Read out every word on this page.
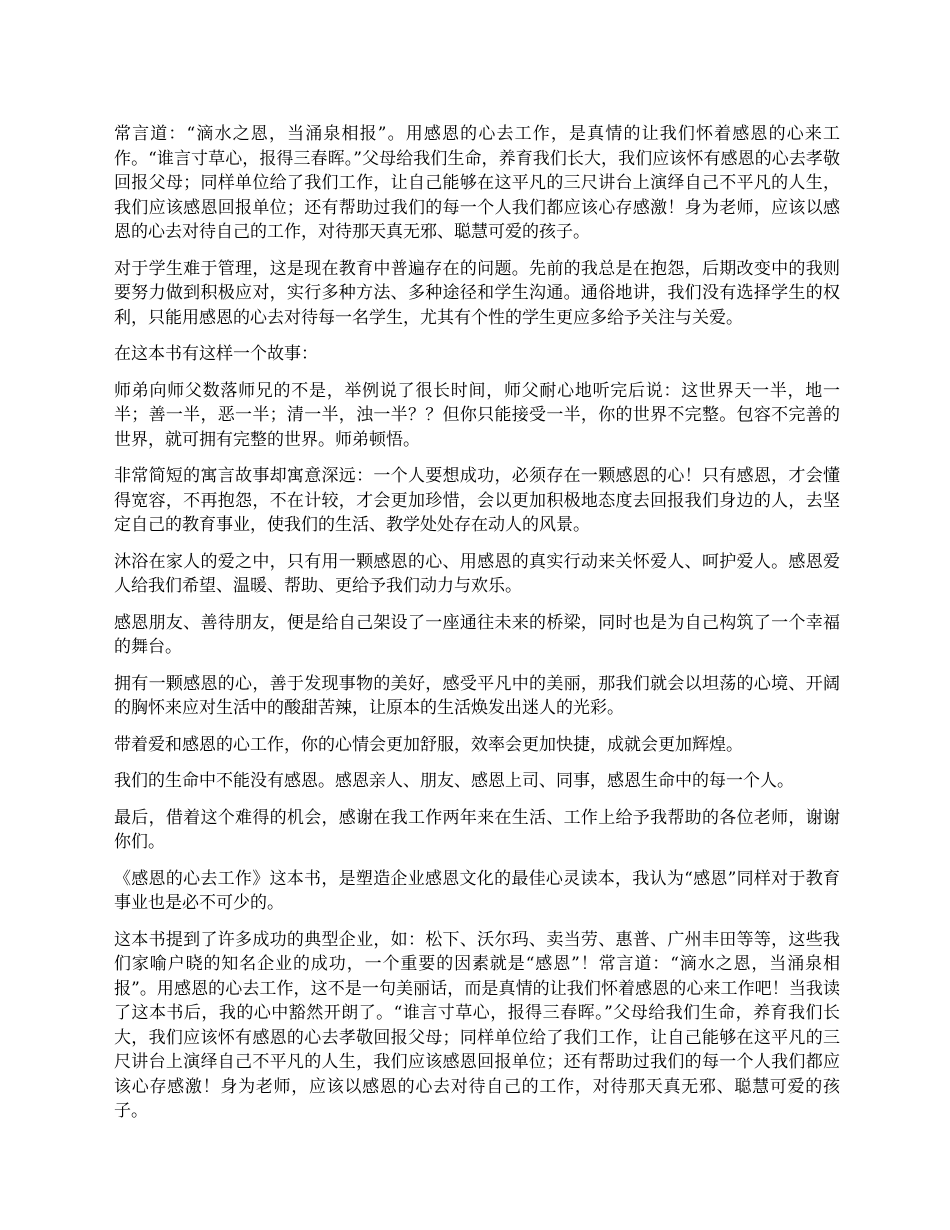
常言道：“滴水之恩，当涌泉相报”。用感恩的心去工作，是真情的让我们怀着感恩的心来工作。“谁言寸草心，报得三春晖。”父母给我们生命，养育我们长大，我们应该怀有感恩的心去孝敬回报父母；同样单位给了我们工作，让自己能够在这平凡的三尺讲台上演绎自己不平凡的人生，我们应该感恩回报单位；还有帮助过我们的每一个人我们都应该心存感激！身为老师，应该以感恩的心去对待自己的工作，对待那天真无邪、聪慧可爱的孩子。

对于学生难于管理，这是现在教育中普遍存在的问题。先前的我总是在抱怨，后期改变中的我则要努力做到积极应对，实行多种方法、多种途径和学生沟通。通俗地讲，我们没有选择学生的权利，只能用感恩的心去对待每一名学生，尤其有个性的学生更应多给予关注与关爱。

在这本书有这样一个故事：

师弟向师父数落师兄的不是，举例说了很长时间，师父耐心地听完后说：这世界天一半，地一半；善一半，恶一半；清一半，浊一半？？但你只能接受一半，你的世界不完整。包容不完善的世界，就可拥有完整的世界。师弟顿悟。

非常简短的寓言故事却寓意深远：一个人要想成功，必须存在一颗感恩的心！只有感恩，才会懂得宽容，不再抱怨，不在计较，才会更加珍惜，会以更加积极地态度去回报我们身边的人，去坚定自己的教育事业，使我们的生活、教学处处存在动人的风景。

沐浴在家人的爱之中，只有用一颗感恩的心、用感恩的真实行动来关怀爱人、呵护爱人。感恩爱人给我们希望、温暖、帮助、更给予我们动力与欢乐。

感恩朋友、善待朋友，便是给自己架设了一座通往未来的桥梁，同时也是为自己构筑了一个幸福的舞台。

拥有一颗感恩的心，善于发现事物的美好，感受平凡中的美丽，那我们就会以坦荡的心境、开阔的胸怀来应对生活中的酸甜苦辣，让原本的生活焕发出迷人的光彩。

带着爱和感恩的心工作，你的心情会更加舒服，效率会更加快捷，成就会更加辉煌。

我们的生命中不能没有感恩。感恩亲人、朋友、感恩上司、同事，感恩生命中的每一个人。

最后，借着这个难得的机会，感谢在我工作两年来在生活、工作上给予我帮助的各位老师，谢谢你们。

《感恩的心去工作》这本书，是塑造企业感恩文化的最佳心灵读本，我认为“感恩”同样对于教育事业也是必不可少的。

这本书提到了许多成功的典型企业，如：松下、沃尔玛、卖当劳、惠普、广州丰田等等，这些我们家喻户晓的知名企业的成功，一个重要的因素就是“感恩”！常言道：“滴水之恩，当涌泉相报”。用感恩的心去工作，这不是一句美丽话，而是真情的让我们怀着感恩的心来工作吧！当我读了这本书后，我的心中豁然开朗了。“谁言寸草心，报得三春晖。”父母给我们生命，养育我们长大，我们应该怀有感恩的心去孝敬回报父母；同样单位给了我们工作，让自己能够在这平凡的三尺讲台上演绎自己不平凡的人生，我们应该感恩回报单位；还有帮助过我们的每一个人我们都应该心存感激！身为老师，应该以感恩的心去对待自己的工作，对待那天真无邪、聪慧可爱的孩子。
